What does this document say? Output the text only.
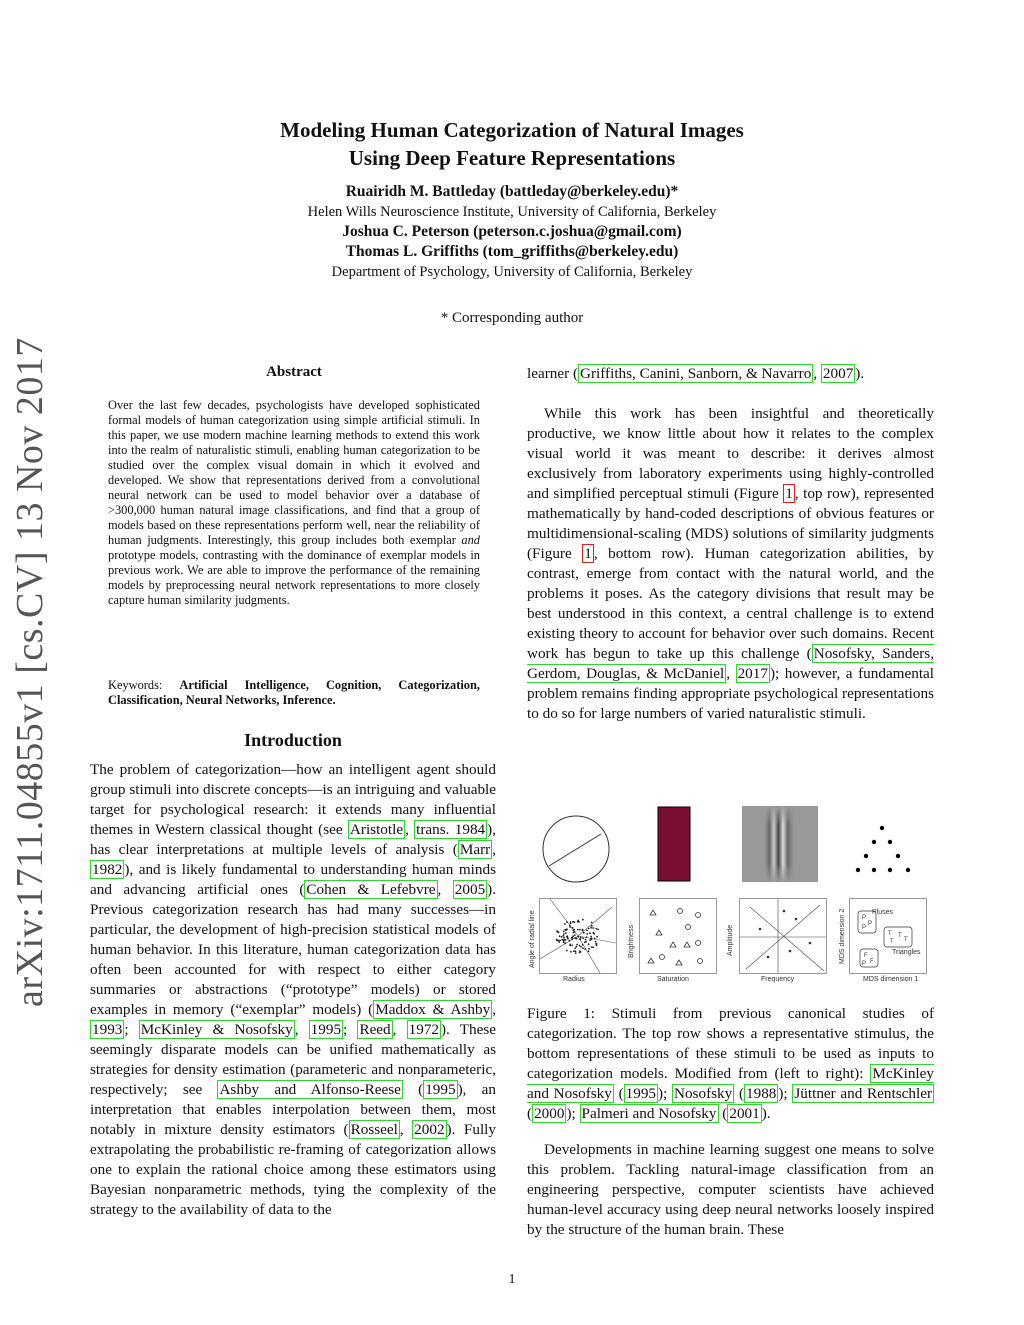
arXiv:1711.04855v1 [cs.CV] 13 Nov 2017
Modeling Human Categorization of Natural Images
Using Deep Feature Representations
Ruairidh M. Battleday (battleday@berkeley.edu)*
Helen Wills Neuroscience Institute, University of California, Berkeley
Joshua C. Peterson (peterson.c.joshua@gmail.com)
Thomas L. Griffiths (tom_griffiths@berkeley.edu)
Department of Psychology, University of California, Berkeley
* Corresponding author
Abstract
Over the last few decades, psychologists have developed sophisticated formal models of human categorization using simple artificial stimuli. In this paper, we use modern machine learning methods to extend this work into the realm of naturalistic stimuli, enabling human categorization to be studied over the complex visual domain in which it evolved and developed. We show that representations derived from a convolutional neural network can be used to model behavior over a database of >300,000 human natural image classifications, and find that a group of models based on these representations perform well, near the reliability of human judgments. Interestingly, this group includes both exemplar and prototype models, contrasting with the dominance of exemplar models in previous work. We are able to improve the performance of the remaining models by preprocessing neural network representations to more closely capture human similarity judgments.
Keywords: Artificial Intelligence, Cognition, Categorization, Classification, Neural Networks, Inference.
Introduction
The problem of categorization—how an intelligent agent should group stimuli into discrete concepts—is an intriguing and valuable target for psychological research: it extends many influential themes in Western classical thought (see Aristotle , trans. 1984 ), has clear interpretations at multiple levels of analysis ( Marr , 1982 ), and is likely fundamental to understanding human minds and advancing artificial ones ( Cohen & Lefebvre , 2005 ). Previous categorization research has had many successes—in particular, the development of high-precision statistical models of human behavior. In this literature, human categorization data has often been accounted for with respect to either category summaries or abstractions (“prototype” models) or stored examples in memory (“exemplar” models) ( Maddox & Ashby , 1993 ; McKinley & Nosofsky , 1995 ; Reed , 1972 ). These seemingly disparate models can be unified mathematically as strategies for density estimation (parameteric and nonparameteric, respectively; see Ashby and Alfonso-Reese ( 1995 ), an interpretation that enables interpolation between them, most notably in mixture density estimators ( Rosseel , 2002 ). Fully extrapolating the probabilistic re-framing of categorization allows one to explain the rational choice among these estimators using Bayesian nonparametric methods, tying the complexity of the strategy to the availability of data to the
learner ( Griffiths, Canini, Sanborn, & Navarro , 2007 ).
While this work has been insightful and theoretically productive, we know little about how it relates to the complex visual world it was meant to describe: it derives almost exclusively from laboratory experiments using highly-controlled and simplified perceptual stimuli (Figure 1 , top row), represented mathematically by hand-coded descriptions of obvious features or multidimensional-scaling (MDS) solutions of similarity judgments (Figure 1 , bottom row). Human categorization abilities, by contrast, emerge from contact with the natural world, and the problems it poses. As the category divisions that result may be best understood in this context, a central challenge is to extend existing theory to account for behavior over such domains. Recent work has begun to take up this challenge ( Nosofsky, Sanders, Gerdom, Douglas, & McDaniel , 2017 ); however, a fundamental problem remains finding appropriate psychological representations to do so for large numbers of varied naturalistic stimuli.
Radius
Angle of radial line
Saturation
Brightness
Frequency
Amplitude
P
P
P
T T
T T
F
F
P
Pluses
Triangles
MDS dimension 1
MDS dimension 2
Figure 1: Stimuli from previous canonical studies of categorization. The top row shows a representative stimulus, the bottom representations of these stimuli to be used as inputs to categorization models. Modified from (left to right): McKinley and Nosofsky ( 1995 ); Nosofsky ( 1988 ); Jüttner and Rentschler ( 2000 ); Palmeri and Nosofsky ( 2001 ).
Developments in machine learning suggest one means to solve this problem. Tackling natural-image classification from an engineering perspective, computer scientists have achieved human-level accuracy using deep neural networks loosely inspired by the structure of the human brain. These
1
